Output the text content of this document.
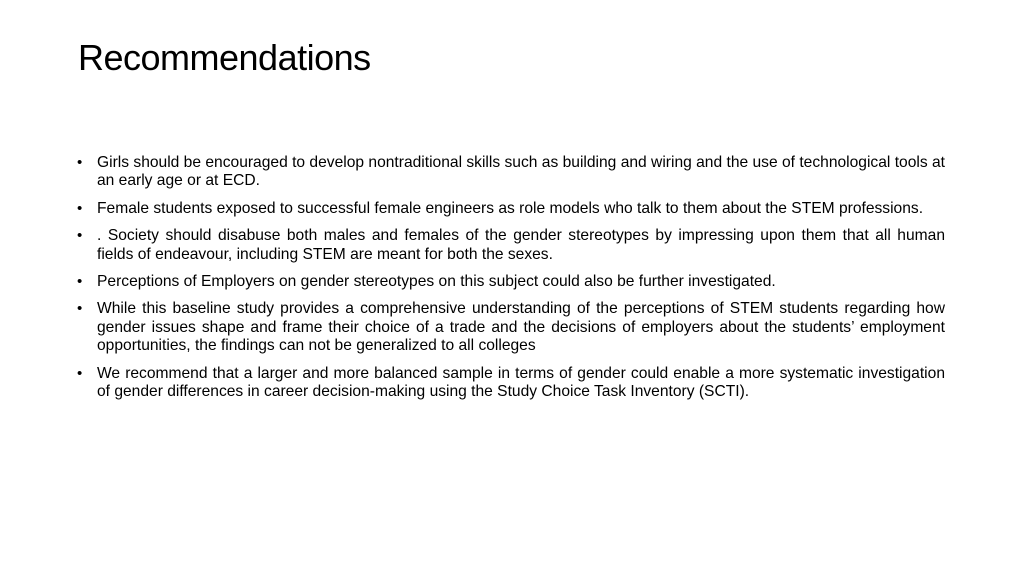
Recommendations
• Girls should be encouraged to develop nontraditional skills such as building and wiring and the use of technological tools at an early age or at ECD.
• Female students exposed to successful female engineers as role models who talk to them about the STEM professions.
• . Society should disabuse both males and females of the gender stereotypes by impressing upon them that all human fields of endeavour, including STEM are meant for both the sexes.
• Perceptions of Employers on gender stereotypes on this subject could also be further investigated.
• While this baseline study provides a comprehensive understanding of the perceptions of STEM students regarding how gender issues shape and frame their choice of a trade and the decisions of employers about the students’ employment opportunities, the findings can not be generalized to all colleges
• We recommend that a larger and more balanced sample in terms of gender could enable a more systematic investigation of gender differences in career decision-making using the Study Choice Task Inventory (SCTI).
